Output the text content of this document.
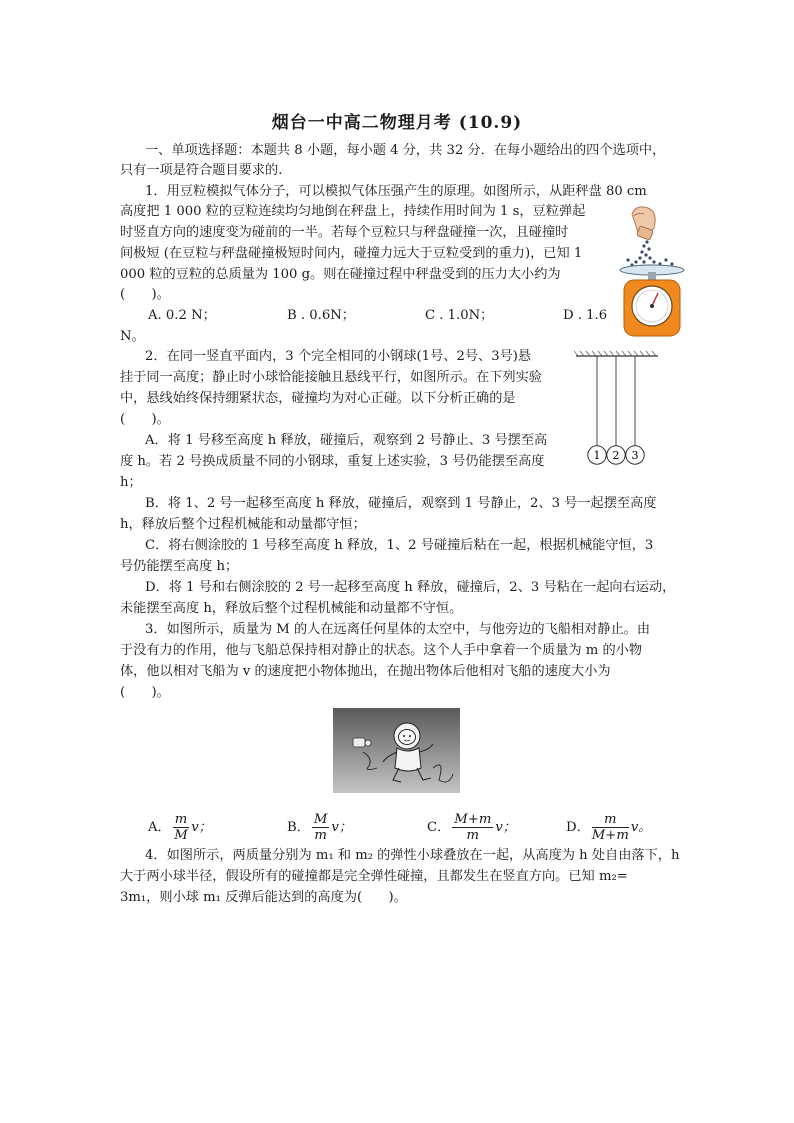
烟台一中高二物理月考 (10.9)
一、单项选择题：本题共 8 小题，每小题 4 分，共 32 分．在每小题给出的四个选项中，
只有一项是符合题目要求的.
1．用豆粒模拟气体分子，可以模拟气体压强产生的原理。如图所示，从距秤盘 80 cm
高度把 1 000 粒的豆粒连续均匀地倒在秤盘上，持续作用时间为 1 s，豆粒弹起
时竖直方向的速度变为碰前的一半。若每个豆粒只与秤盘碰撞一次，且碰撞时
间极短 (在豆粒与秤盘碰撞极短时间内，碰撞力远大于豆粒受到的重力)，已知 1
000 粒的豆粒的总质量为 100 g。则在碰撞过程中秤盘受到的压力大小约为
(　　)。
A. 0.2 N；	B . 0.6N；	C . 1.0N；	D . 1.6
N。
2．在同一竖直平面内，3 个完全相同的小钢球(1号、2号、3号)悬
挂于同一高度；静止时小球恰能接触且悬线平行，如图所示。在下列实验
中，悬线始终保持绷紧状态，碰撞均为对心正碰。以下分析正确的是
(　　)。
A．将 1 号移至高度 h 释放，碰撞后，观察到 2 号静止、3 号摆至高
度 h。若 2 号换成质量不同的小钢球，重复上述实验，3 号仍能摆至高度
h；
B．将 1、2 号一起移至高度 h 释放，碰撞后，观察到 1 号静止，2、3 号一起摆至高度
h，释放后整个过程机械能和动量都守恒；
C．将右侧涂胶的 1 号移至高度 h 释放，1、2 号碰撞后粘在一起，根据机械能守恒，3
号仍能摆至高度 h；
D．将 1 号和右侧涂胶的 2 号一起移至高度 h 释放，碰撞后，2、3 号粘在一起向右运动，
未能摆至高度 h，释放后整个过程机械能和动量都不守恒。
1 2 3
3．如图所示，质量为 M 的人在远离任何星体的太空中，与他旁边的飞船相对静止。由
于没有力的作用，他与飞船总保持相对静止的状态。这个人手中拿着一个质量为 m 的小物
体，他以相对飞船为 v 的速度把小物体抛出，在抛出物体后他相对飞船的速度大小为
(　　)。
A． $\frac{m}{M}$ v；	B． $\frac{M}{m}$ v；	C． $\frac{M+m}{m}$ v；	D． $\frac{m}{M+m}$ v。
4．如图所示，两质量分别为 m₁ 和 m₂ 的弹性小球叠放在一起，从高度为 h 处自由落下，h
大于两小球半径，假设所有的碰撞都是完全弹性碰撞，且都发生在竖直方向。已知 m₂=
3m₁，则小球 m₁ 反弹后能达到的高度为(　　)。
